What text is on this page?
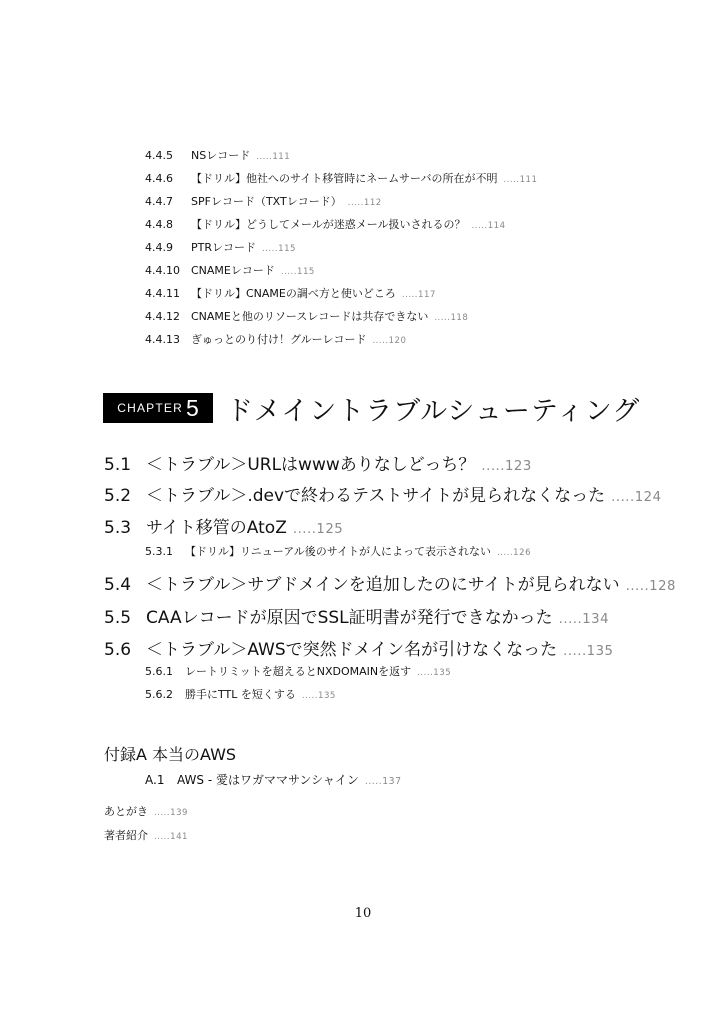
4.4.5 NSレコード .....111
4.4.6 【ドリル】他社へのサイト移管時にネームサーバの所在が不明 .....111
4.4.7 SPFレコード（TXTレコード） .....112
4.4.8 【ドリル】どうしてメールが迷惑メール扱いされるの？ .....114
4.4.9 PTRレコード .....115
4.4.10 CNAMEレコード .....115
4.4.11 【ドリル】CNAMEの調べ方と使いどころ .....117
4.4.12 CNAMEと他のリソースレコードは共存できない .....118
4.4.13 ぎゅっとのり付け！グルーレコード .....120
CHAPTER 5 ドメイントラブルシューティング
5.1 ＜トラブル＞URLはwwwありなしどっち？ .....123
5.2 ＜トラブル＞.devで終わるテストサイトが見られなくなった .....124
5.3 サイト移管のAtoZ .....125
5.3.1 【ドリル】リニューアル後のサイトが人によって表示されない .....126
5.4 ＜トラブル＞サブドメインを追加したのにサイトが見られない .....128
5.5 CAAレコードが原因でSSL証明書が発行できなかった .....134
5.6 ＜トラブル＞AWSで突然ドメイン名が引けなくなった .....135
5.6.1 レートリミットを超えるとNXDOMAINを返す .....135
5.6.2 勝手にTTL を短くする .....135
付録A 本当のAWS
A.1 AWS - 愛はワガママサンシャイン .....137
あとがき .....139
著者紹介 .....141
10
